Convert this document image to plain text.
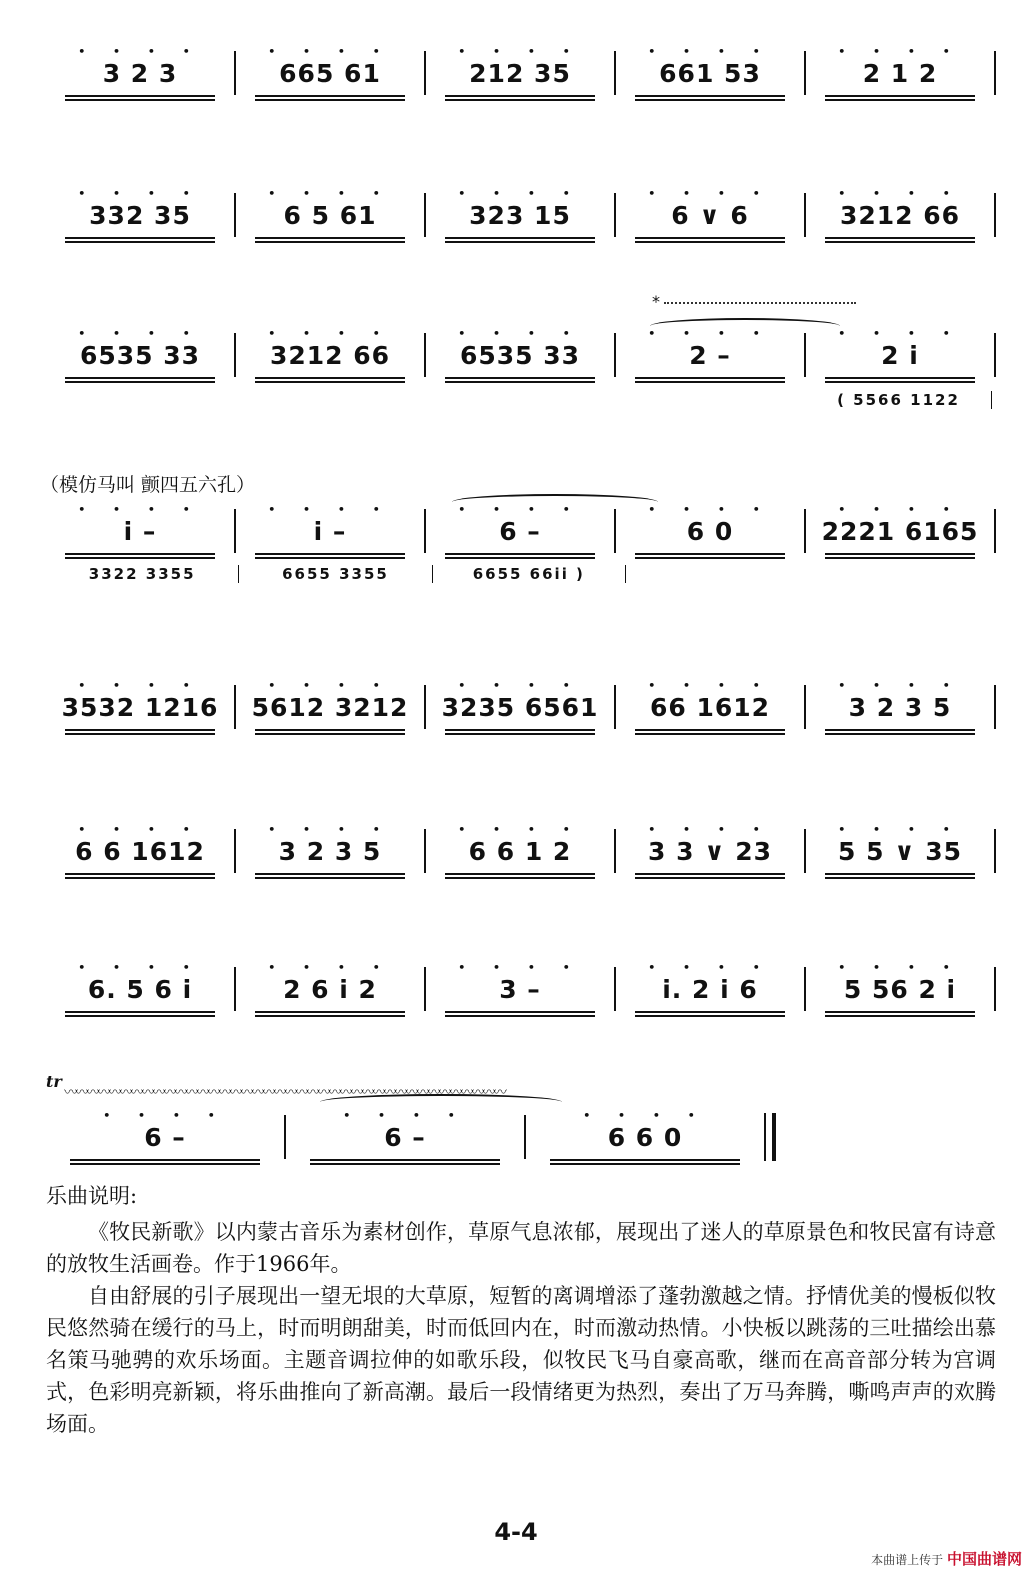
• • • •
3 2 3
• • • •
665 61
• • • •
212 35
• • • •
661 53
• • • •
2 1 2
• • • •
332 35
• • • •
6 5 61
• • • •
323 15
• • • •
6 ∨ 6
• • • •
3212 66
• • • •
6535 33
• • • •
3212 66
• • • •
6535 33
• • • •
2 –
• • • •
2 i
• • • •
i –
• • • •
i –
• • • •
6 –
• • • •
6 0
• • • •
2221 6165
• • • •
3532 1216
• • • •
5612 3212
• • • •
3235 6561
• • • •
66 1612
• • • •
3 2 3 5
• • • •
6 6 1612
• • • •
3 2 3 5
• • • •
6 6 1 2
• • • •
3 3 ∨ 23
• • • •
5 5 ∨ 35
• • • •
6. 5 6 i
• • • •
2 6 i 2
• • • •
3 –
• • • •
i. 2 i 6
• • • •
5 56 2 i
• • • •
6 –
• • • •
6 –
• • • •
6 6 0
( 5566 1122
3322 3355	6655 3355	6655 66ii )
（模仿马叫 颤四五六孔）
*
tr
〰〰〰〰〰〰〰〰〰〰〰〰〰〰〰〰〰〰〰〰〰〰〰〰〰〰〰〰〰〰〰〰〰〰〰〰〰〰〰〰
乐曲说明:

《牧民新歌》以内蒙古音乐为素材创作，草原气息浓郁，展现出了迷人的草原景色和牧民富有诗意的放牧生活画卷。作于1966年。

自由舒展的引子展现出一望无垠的大草原，短暂的离调增添了蓬勃激越之情。抒情优美的慢板似牧民悠然骑在缓行的马上，时而明朗甜美，时而低回内在，时而激动热情。小快板以跳荡的三吐描绘出慕名策马驰骋的欢乐场面。主题音调拉伸的如歌乐段，似牧民飞马自豪高歌，继而在高音部分转为宫调式，色彩明亮新颖，将乐曲推向了新高潮。最后一段情绪更为热烈，奏出了万马奔腾，嘶鸣声声的欢腾场面。

4-4
本曲谱上传于 中国曲谱网
